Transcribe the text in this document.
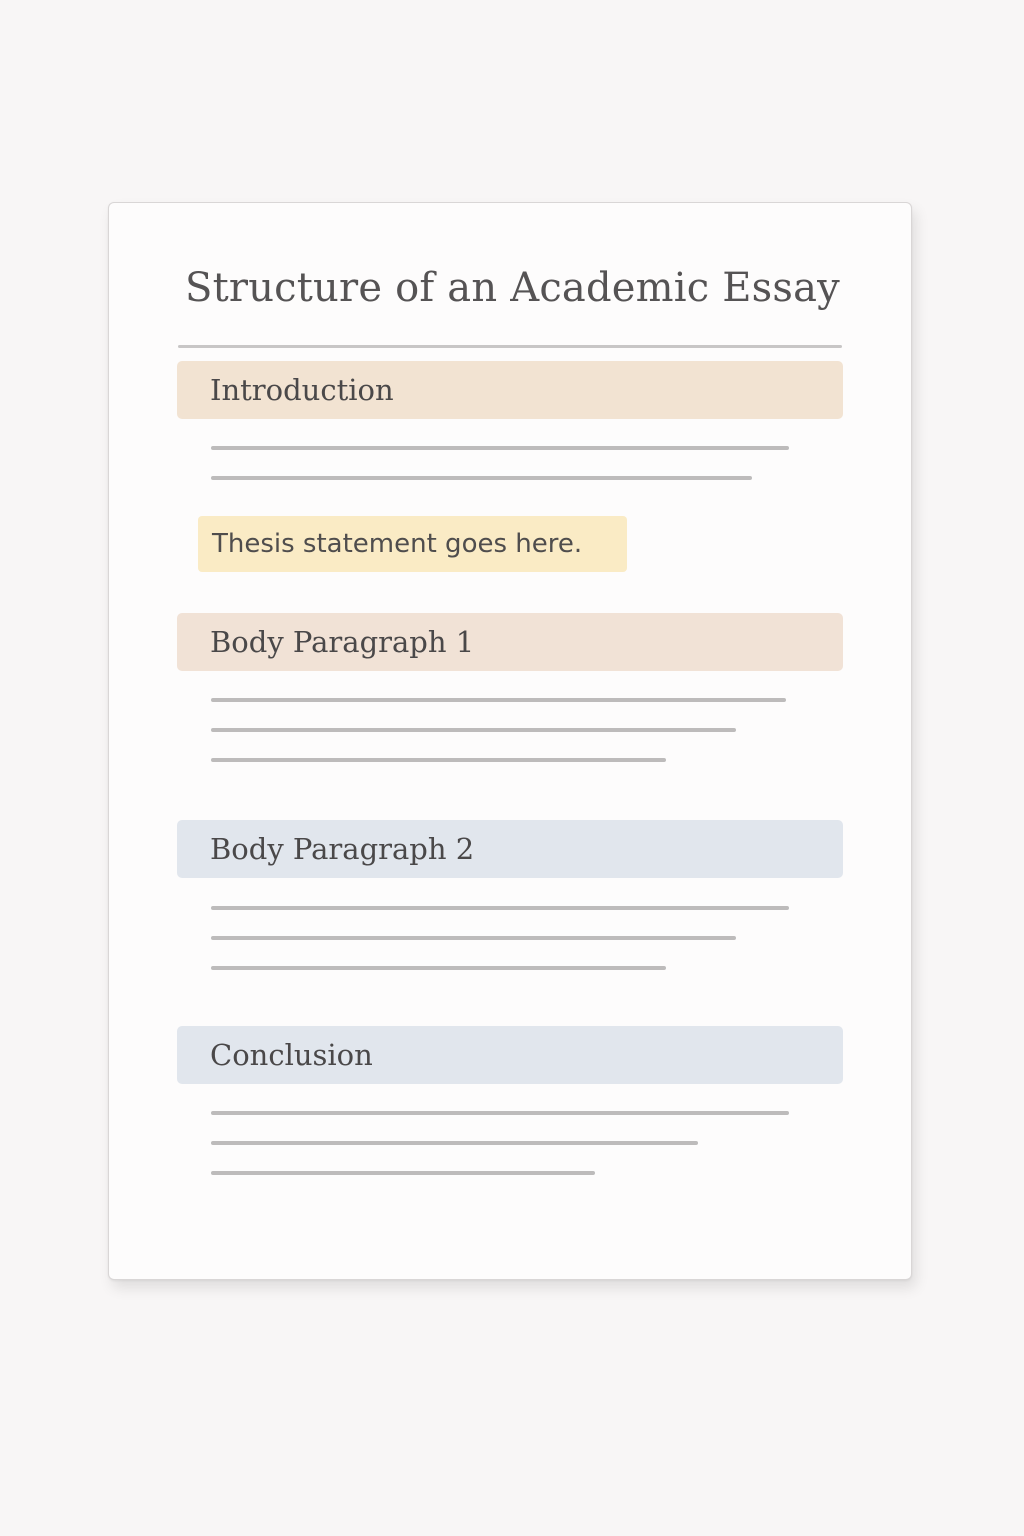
Structure of an Academic Essay
Introduction
Thesis statement goes here.
Body Paragraph 1
Body Paragraph 2
Conclusion
